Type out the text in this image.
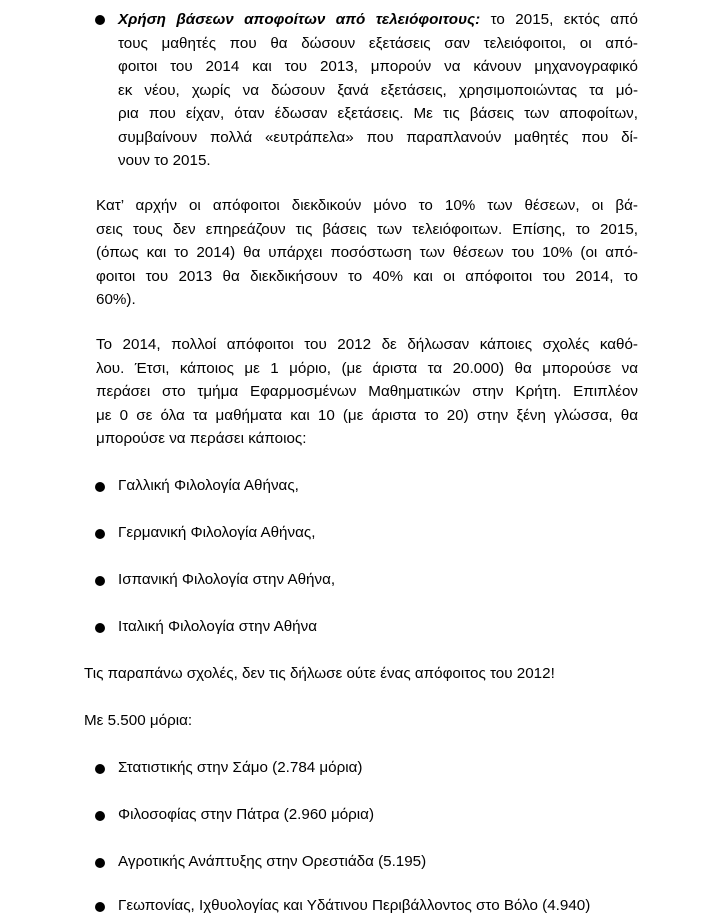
Χρήση βάσεων αποφοίτων από τελειόφοιτους: το 2015, εκτός από
τους μαθητές που θα δώσουν εξετάσεις σαν τελειόφοιτοι, οι από-
φοιτοι του 2014 και του 2013, μπορούν να κάνουν μηχανογραφικό
εκ νέου, χωρίς να δώσουν ξανά εξετάσεις, χρησιμοποιώντας τα μό-
ρια που είχαν, όταν έδωσαν εξετάσεις. Με τις βάσεις των αποφοίτων,
συμβαίνουν πολλά «ευτράπελα» που παραπλανούν μαθητές που δί-
νουν το 2015.
Κατ’ αρχήν οι απόφοιτοι διεκδικούν μόνο το 10% των θέσεων, οι βά-
σεις τους δεν επηρεάζουν τις βάσεις των τελειόφοιτων. Επίσης, το 2015,
(όπως και το 2014) θα υπάρχει ποσόστωση των θέσεων του 10% (οι από-
φοιτοι του 2013 θα διεκδικήσουν το 40% και οι απόφοιτοι του 2014, το
60%).
Το 2014, πολλοί απόφοιτοι του 2012 δε δήλωσαν κάποιες σχολές καθό-
λου. Έτσι, κάποιος με 1 μόριο, (με άριστα τα 20.000) θα μπορούσε να
περάσει στο τμήμα Εφαρμοσμένων Μαθηματικών στην Κρήτη. Επιπλέον
με 0 σε όλα τα μαθήματα και 10 (με άριστα το 20) στην ξένη γλώσσα, θα
μπορούσε να περάσει κάποιος:
Γαλλική Φιλολογία Αθήνας,
Γερμανική Φιλολογία Αθήνας,
Ισπανική Φιλολογία στην Αθήνα,
Ιταλική Φιλολογία στην Αθήνα
Τις παραπάνω σχολές, δεν τις δήλωσε ούτε ένας απόφοιτος του 2012!
Με 5.500 μόρια:
Στατιστικής στην Σάμο (2.784 μόρια)
Φιλοσοφίας στην Πάτρα (2.960 μόρια)
Αγροτικής Ανάπτυξης στην Ορεστιάδα (5.195)
Γεωπονίας, Ιχθυολογίας και Υδάτινου Περιβάλλοντος στο Βόλο (4.940)
